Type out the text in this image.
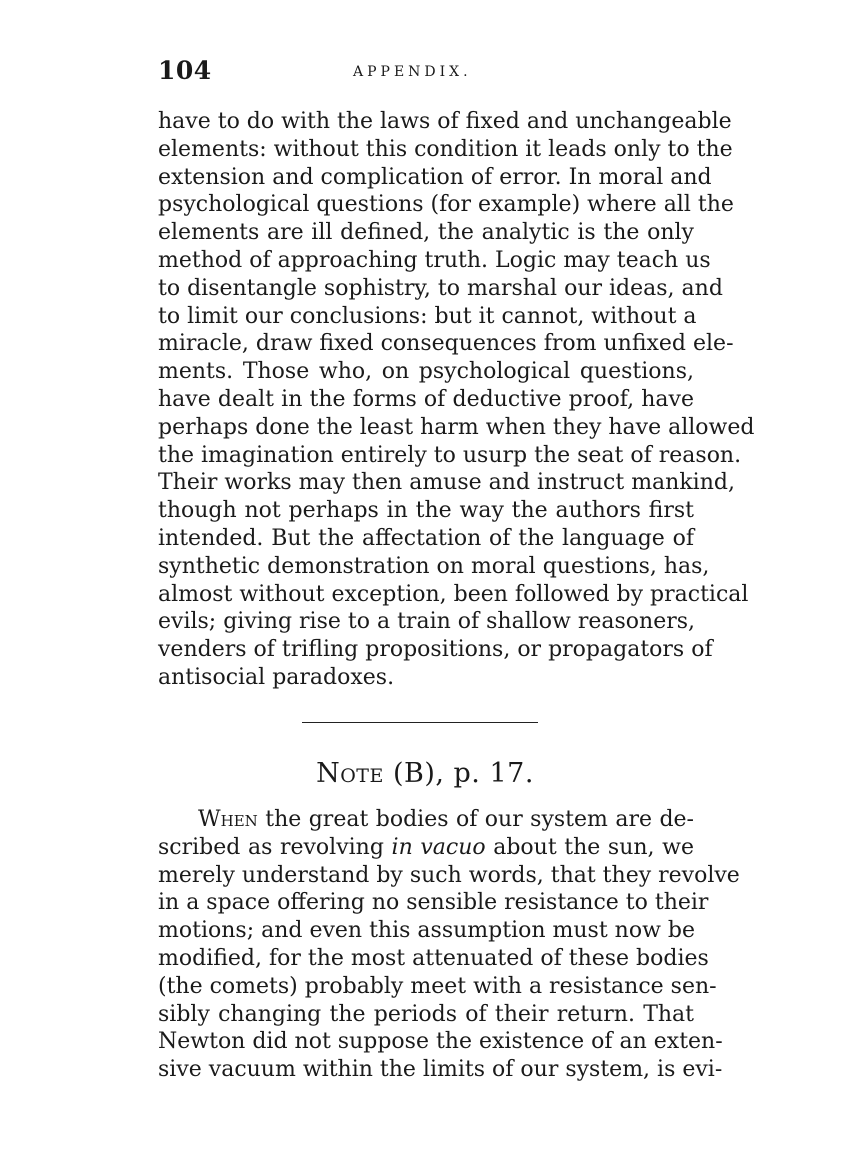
104	APPENDIX.
have to do with the laws of fixed and unchangeable
elements: without this condition it leads only to the
extension and complication of error. In moral and
psychological questions (for example) where all the
elements are ill defined, the analytic is the only
method of approaching truth. Logic may teach us
to disentangle sophistry, to marshal our ideas, and
to limit our conclusions: but it cannot, without a
miracle, draw fixed consequences from unfixed ele-
ments. Those who, on psychological questions,
have dealt in the forms of deductive proof, have
perhaps done the least harm when they have allowed
the imagination entirely to usurp the seat of reason.
Their works may then amuse and instruct mankind,
though not perhaps in the way the authors first
intended. But the affectation of the language of
synthetic demonstration on moral questions, has,
almost without exception, been followed by practical
evils; giving rise to a train of shallow reasoners,
venders of trifling propositions, or propagators of
antisocial paradoxes.
Note (B), p. 17.
When the great bodies of our system are de-
scribed as revolving in vacuo about the sun, we
merely understand by such words, that they revolve
in a space offering no sensible resistance to their
motions; and even this assumption must now be
modified, for the most attenuated of these bodies
(the comets) probably meet with a resistance sen-
sibly changing the periods of their return. That
Newton did not suppose the existence of an exten-
sive vacuum within the limits of our system, is evi-
